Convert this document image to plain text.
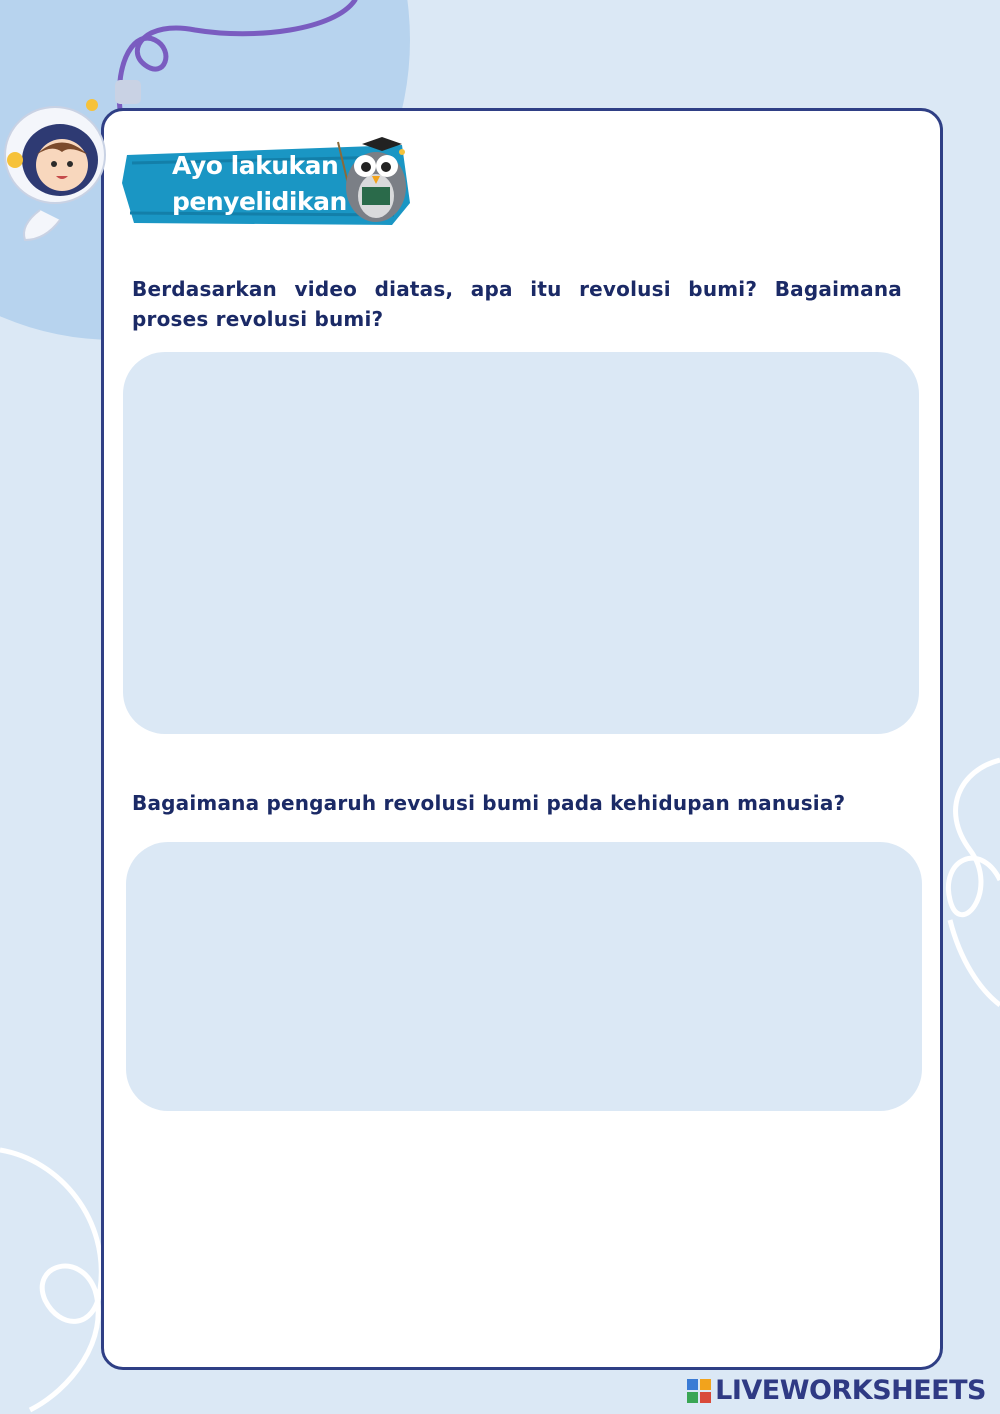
Ayo lakukan
penyelidikan
Berdasarkan video diatas, apa itu revolusi bumi? Bagaimana proses revolusi bumi?
Bagaimana pengaruh revolusi bumi pada kehidupan manusia?
LIVEWORKSHEETS
